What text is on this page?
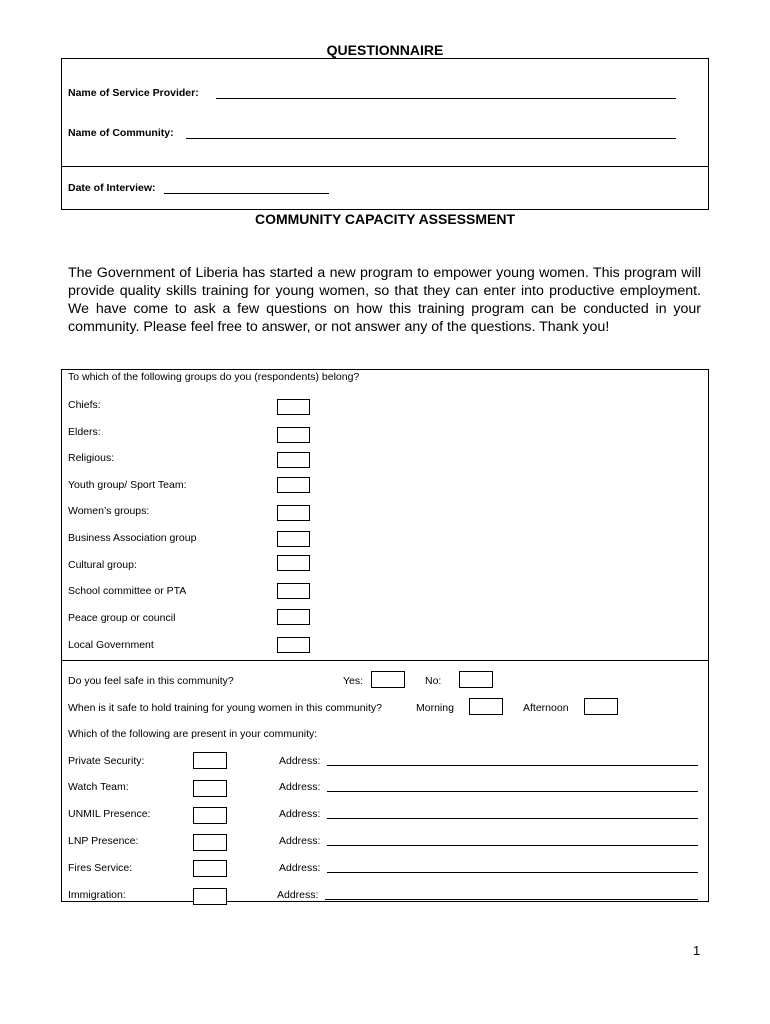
QUESTIONNAIRE
Name of Service Provider:
Name of Community:
Date of Interview:
COMMUNITY CAPACITY ASSESSMENT
The Government of Liberia has started a new program to empower young women. This program will provide quality skills training for young women, so that they can enter into productive employment. We have come to ask a few questions on how this training program can be conducted in your community. Please feel free to answer, or not answer any of the questions. Thank you!
To which of the following groups do you (respondents) belong?
Chiefs:
Elders:
Religious:
Youth group/ Sport Team:
Women’s groups:
Business Association group
Cultural group:
School committee or PTA
Peace group or council
Local Government
Do you feel safe in this community?	Yes:	No:
When is it safe to hold training for young women in this community?	Morning	Afternoon
Which of the following are present in your community:
Private Security:	Address:
Watch Team:	Address:
UNMIL Presence:	Address:
LNP Presence:	Address:
Fires Service:	Address:
Immigration:	Address:
1
